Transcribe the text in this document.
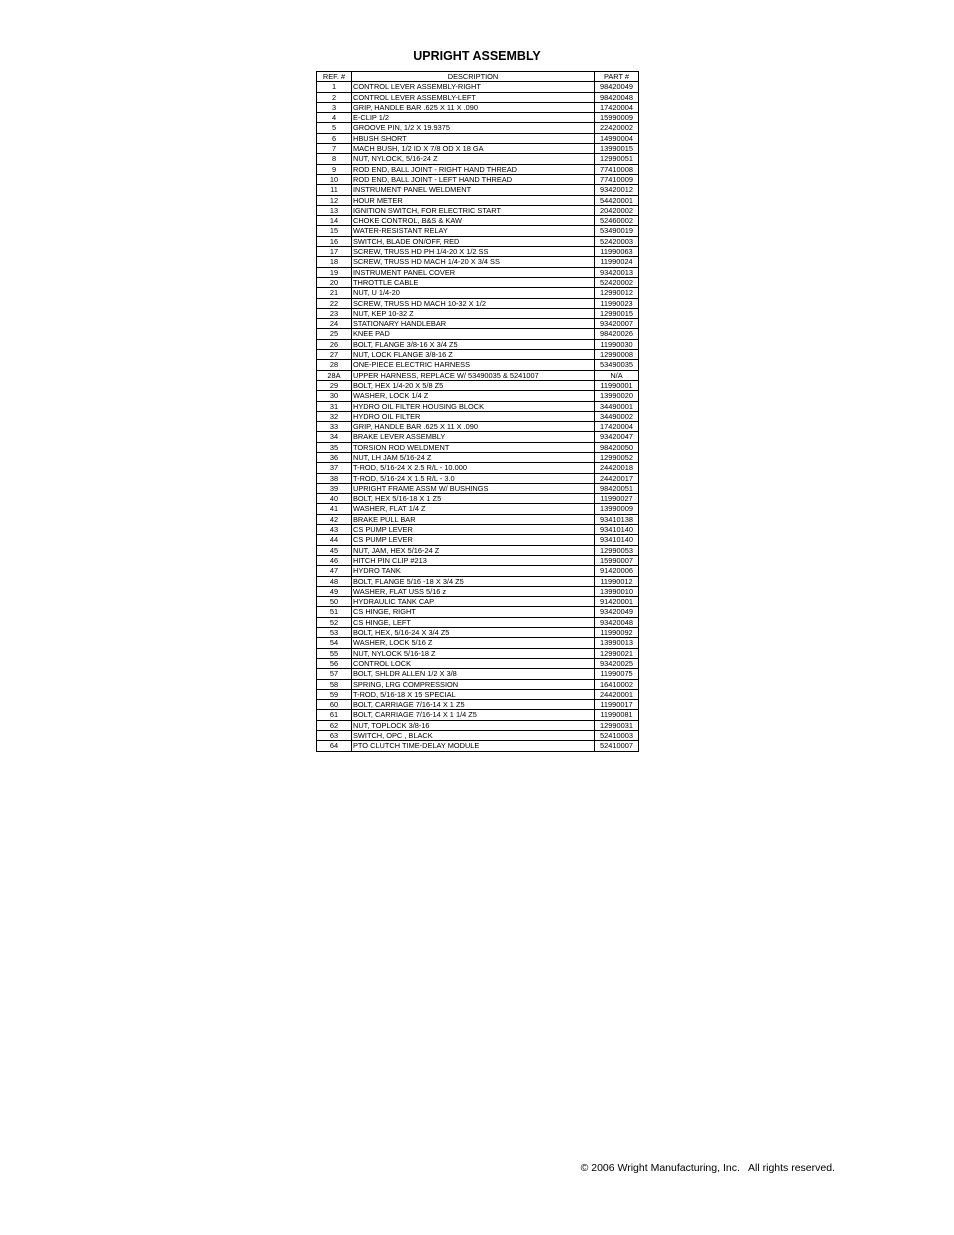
UPRIGHT ASSEMBLY
REF. #	DESCRIPTION	PART #
1	CONTROL LEVER ASSEMBLY-RIGHT	98420049
2	CONTROL LEVER ASSEMBLY-LEFT	98420048
3	GRIP, HANDLE BAR .625 X 11 X .090	17420004
4	E-CLIP 1/2	15990009
5	GROOVE PIN, 1/2 X 19.9375	22420002
6	HBUSH SHORT	14990004
7	MACH BUSH, 1/2 ID X 7/8 OD X 18 GA	13990015
8	NUT, NYLOCK, 5/16-24 Z	12990051
9	ROD END, BALL JOINT - RIGHT HAND THREAD	77410008
10	ROD END, BALL JOINT - LEFT HAND THREAD	77410009
11	INSTRUMENT PANEL WELDMENT	93420012
12	HOUR METER	54420001
13	IGNITION SWITCH, FOR ELECTRIC START	20420002
14	CHOKE CONTROL, B&S & KAW	52460002
15	WATER-RESISTANT RELAY	53490019
16	SWITCH, BLADE ON/OFF, RED	52420003
17	SCREW, TRUSS HD PH 1/4-20 X 1/2 SS	11990063
18	SCREW, TRUSS HD MACH 1/4-20 X 3/4 SS	11990024
19	INSTRUMENT PANEL COVER	93420013
20	THROTTLE CABLE	52420002
21	NUT, U 1/4-20	12990012
22	SCREW, TRUSS HD MACH 10-32 X 1/2	11990023
23	NUT, KEP 10-32 Z	12990015
24	STATIONARY HANDLEBAR	93420007
25	KNEE PAD	98420026
26	BOLT, FLANGE 3/8-16 X 3/4 Z5	11990030
27	NUT, LOCK FLANGE 3/8-16 Z	12990008
28	ONE-PIECE ELECTRIC HARNESS	53490035
28A	UPPER HARNESS, REPLACE W/ 53490035 & 5241007	N/A
29	BOLT, HEX 1/4-20 X 5/8 Z5	11990001
30	WASHER, LOCK 1/4 Z	13990020
31	HYDRO OIL FILTER HOUSING BLOCK	34490001
32	HYDRO OIL FILTER	34490002
33	GRIP, HANDLE BAR .625 X 11 X .090	17420004
34	BRAKE LEVER ASSEMBLY	93420047
35	TORSION ROD WELDMENT	98420050
36	NUT, LH JAM 5/16-24 Z	12990052
37	T-ROD, 5/16-24 X 2.5 R/L - 10.000	24420018
38	T-ROD, 5/16-24 X 1.5 R/L - 3.0	24420017
39	UPRIGHT FRAME ASSM W/ BUSHINGS	98420051
40	BOLT, HEX 5/16-18 X 1 Z5	11990027
41	WASHER, FLAT 1/4 Z	13990009
42	BRAKE PULL BAR	93410138
43	CS PUMP LEVER	93410140
44	CS PUMP LEVER	93410140
45	NUT, JAM, HEX 5/16-24 Z	12990053
46	HITCH PIN CLIP #213	15990007
47	HYDRO TANK	91420006
48	BOLT, FLANGE 5/16 -18 X 3/4 Z5	11990012
49	WASHER, FLAT USS 5/16 z	13990010
50	HYDRAULIC TANK CAP	91420001
51	CS HINGE, RIGHT	93420049
52	CS HINGE, LEFT	93420048
53	BOLT, HEX, 5/16-24 X 3/4 Z5	11990092
54	WASHER, LOCK 5/16 Z	13990013
55	NUT, NYLOCK 5/16-18 Z	12990021
56	CONTROL LOCK	93420025
57	BOLT, SHLDR ALLEN 1/2 X 3/8	11990075
58	SPRING, LRG COMPRESSION	16410002
59	T-ROD, 5/16-18 X 15 SPECIAL	24420001
60	BOLT, CARRIAGE 7/16-14 X 1 Z5	11990017
61	BOLT, CARRIAGE 7/16-14 X 1 1/4 Z5	11990081
62	NUT, TOPLOCK 3/8-16	12990031
63	SWITCH, OPC , BLACK	52410003
64	PTO CLUTCH TIME-DELAY MODULE	52410007
© 2006 Wright Manufacturing, Inc.   All rights reserved.
